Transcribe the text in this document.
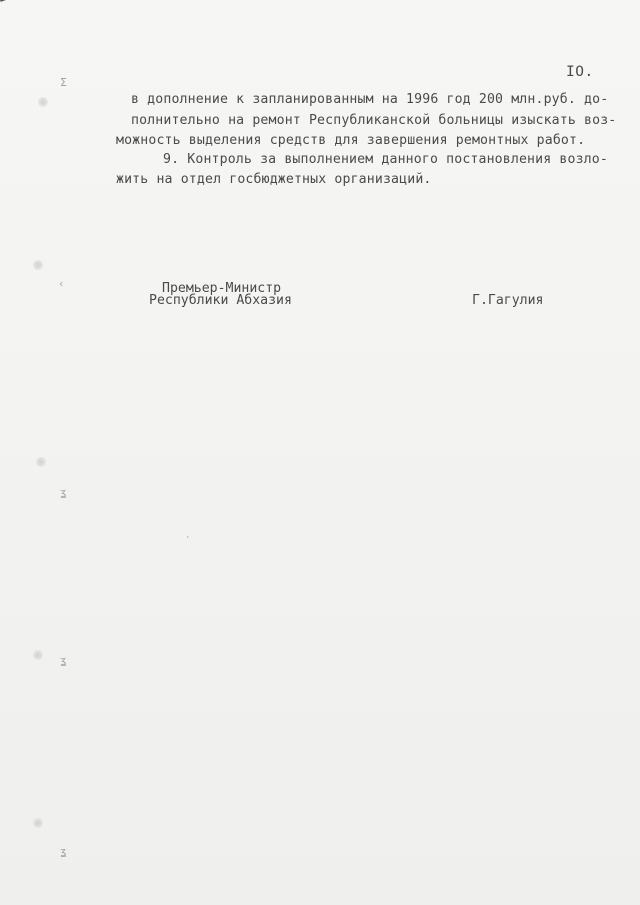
IO.
в дополнение к запланированным на 1996 год 200 млн.руб. до-
полнительно на ремонт Республиканской больницы изыскать воз-
можность выделения средств для завершения ремонтных работ.
9. Контроль за выполнением данного постановления возло-
жить на отдел госбюджетных организаций.
Премьер-Министр
Республики Абхазия	Г.Гагулия
ⵉ
‹
ʓ
ʓ
ʓ
·
